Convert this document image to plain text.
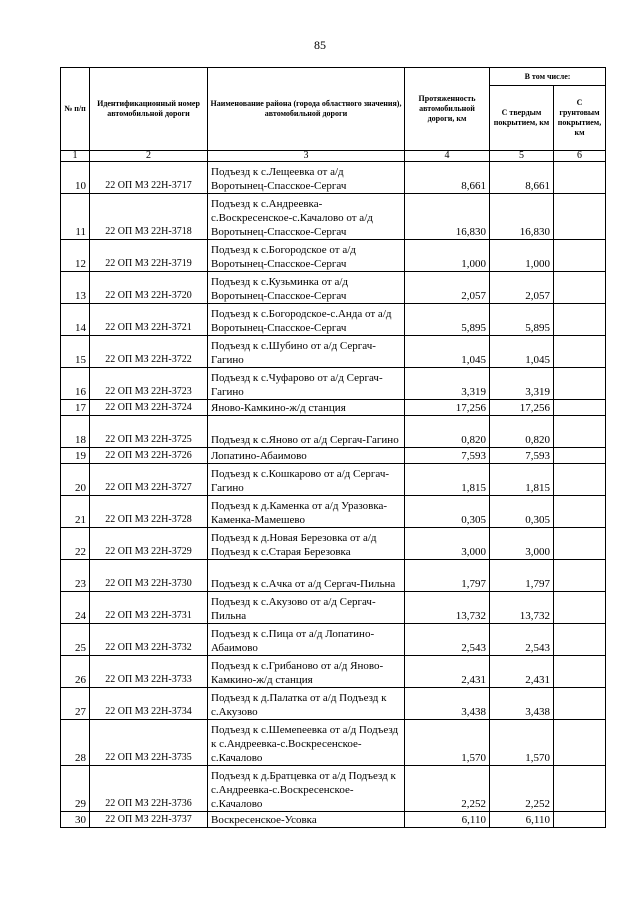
85
№ п/п	Идентификационный номер автомобильной дороги	Наименование района (города областного значения), автомобильной дороги	Протяженность автомобильной дороги, км	В том числе:	
				С твердым покрытием, км	С грунтовым покрытием, км
1	2	3	4	5	6
10	22 ОП МЗ 22Н-3717	Подъезд к с.Лещеевка от а/д Воротынец-Спасское-Сергач	8,661	8,661	
11	22 ОП МЗ 22Н-3718	Подъезд к с.Андреевка-с.Воскресенское-с.Качалово от а/д Воротынец-Спасское-Сергач	16,830	16,830	
12	22 ОП МЗ 22Н-3719	Подъезд к с.Богородское от а/д Воротынец-Спасское-Сергач	1,000	1,000	
13	22 ОП МЗ 22Н-3720	Подъезд к с.Кузьминка от а/д Воротынец-Спасское-Сергач	2,057	2,057	
14	22 ОП МЗ 22Н-3721	Подъезд к с.Богородское-с.Анда от а/д Воротынец-Спасское-Сергач	5,895	5,895	
15	22 ОП МЗ 22Н-3722	Подъезд к с.Шубино от а/д Сергач-Гагино	1,045	1,045	
16	22 ОП МЗ 22Н-3723	Подъезд к с.Чуфарово от а/д Сергач-Гагино	3,319	3,319	
17	22 ОП МЗ 22Н-3724	Яново-Камкино-ж/д станция	17,256	17,256	
18	22 ОП МЗ 22Н-3725	Подъезд к с.Яново от а/д Сергач-Гагино	0,820	0,820	
19	22 ОП МЗ 22Н-3726	Лопатино-Абаимово	7,593	7,593	
20	22 ОП МЗ 22Н-3727	Подъезд к с.Кошкарово от а/д Сергач-Гагино	1,815	1,815	
21	22 ОП МЗ 22Н-3728	Подъезд к д.Каменка от а/д Уразовка-Каменка-Мамешево	0,305	0,305	
22	22 ОП МЗ 22Н-3729	Подъезд к д.Новая Березовка от а/д Подъезд к с.Старая Березовка	3,000	3,000	
23	22 ОП МЗ 22Н-3730	Подъезд к с.Ачка от а/д Сергач-Пильна	1,797	1,797	
24	22 ОП МЗ 22Н-3731	Подъезд к с.Акузово от а/д Сергач-Пильна	13,732	13,732	
25	22 ОП МЗ 22Н-3732	Подъезд к с.Пица от а/д Лопатино-Абаимово	2,543	2,543	
26	22 ОП МЗ 22Н-3733	Подъезд к с.Грибаново от а/д Яново-Камкино-ж/д станция	2,431	2,431	
27	22 ОП МЗ 22Н-3734	Подъезд к д.Палатка от а/д Подъезд к с.Акузово	3,438	3,438	
28	22 ОП МЗ 22Н-3735	Подъезд к с.Шемеnеевка от а/д Подъезд к с.Андреевка-с.Воскресенское-с.Качалово	1,570	1,570	
29	22 ОП МЗ 22Н-3736	Подъезд к д.Братцевка от а/д Подъезд к с.Андреевка-с.Воскресенское-с.Качалово	2,252	2,252	
30	22 ОП МЗ 22Н-3737	Воскресенское-Усовка	6,110	6,110	
